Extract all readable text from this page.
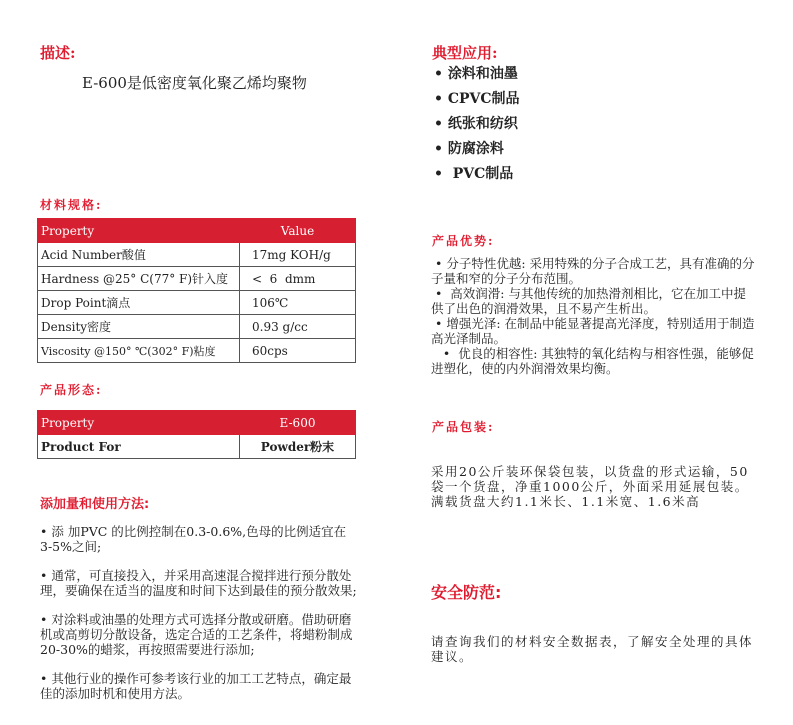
描述:
E-600是低密度氧化聚乙烯均聚物
材料规格:
Property	Value
Acid Number酸值	17mg KOH/g
Hardness @25° C(77° F)针入度	<  6  dmm
Drop Point滴点	106℃
Density密度	0.93 g/cc
Viscosity @150° ℃(302° F)粘度	60cps
产品形态:
Property	E-600
Product For	Powder粉末
添加量和使用方法:

• 添 加PVC 的比例控制在0.3-0.6%,色母的比例适宜在3-5%之间;

• 通常，可直接投入，并采用高速混合搅拌进行预分散处理，要确保在适当的温度和时间下达到最佳的预分散效果;

• 对涂料或油墨的处理方式可选择分散或研磨。借助研磨机或高剪切分散设备，选定合适的工艺条件，将蜡粉制成20-30%的蜡浆，再按照需要进行添加;

• 其他行业的操作可参考该行业的加工工艺特点，确定最佳的添加时机和使用方法。

典型应用:
• 涂料和油墨
• CPVC制品
• 纸张和纺织
• 防腐涂料
•  PVC制品
产品优势:
• 分子特性优越: 采用特殊的分子合成工艺，具有准确的分子量和窄的分子分布范围。
•  高效润滑: 与其他传统的加热滑剂相比，它在加工中提供了出色的润滑效果，且不易产生析出。
• 增强光泽: 在制品中能显著提高光泽度，特别适用于制造高光泽制品。
•  优良的相容性: 其独特的氧化结构与相容性强，能够促进塑化，使的内外润滑效果均衡。
产品包装:
采用20公斤装环保袋包装，以货盘的形式运输，50袋一个货盘，净重1000公斤，外面采用延展包装。满载货盘大约1.1米长、1.1米宽、1.6米高
安全防范:
请查询我们的材料安全数据表，了解安全处理的具体建议。
